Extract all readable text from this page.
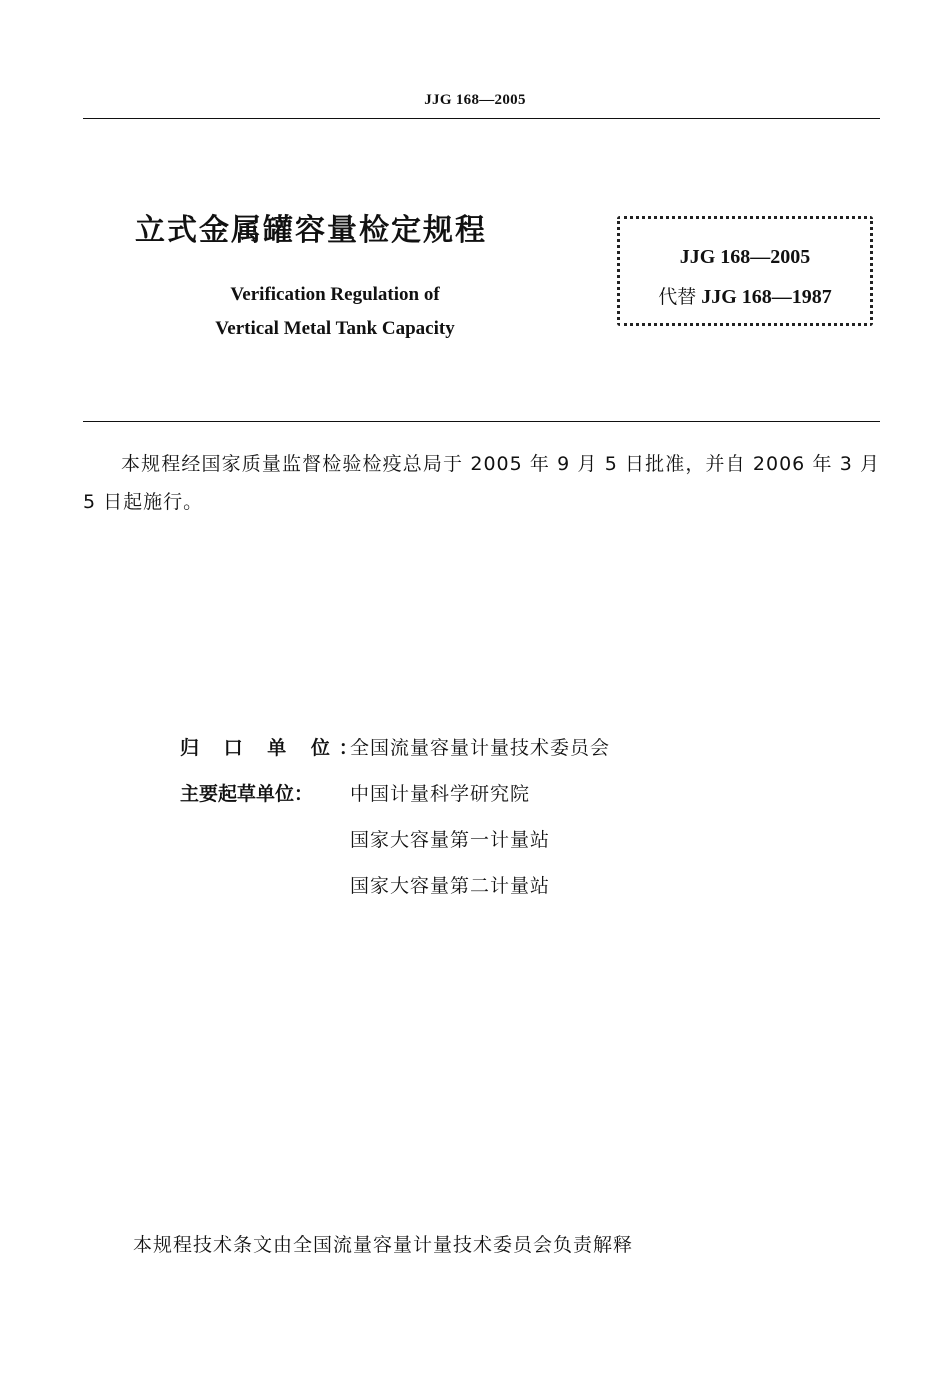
JJG 168—2005
立式金属罐容量检定规程
Verification Regulation of
Vertical Metal Tank Capacity
JJG 168—2005
代替 JJG 168—1987
本规程经国家质量监督检验检疫总局于 2005 年 9 月 5 日批准，并自 2006 年 3 月 5 日起施行。
归 口 单 位：全国流量容量计量技术委员会
主要起草单位： 中国计量科学研究院
国家大容量第一计量站
国家大容量第二计量站
本规程技术条文由全国流量容量计量技术委员会负责解释
